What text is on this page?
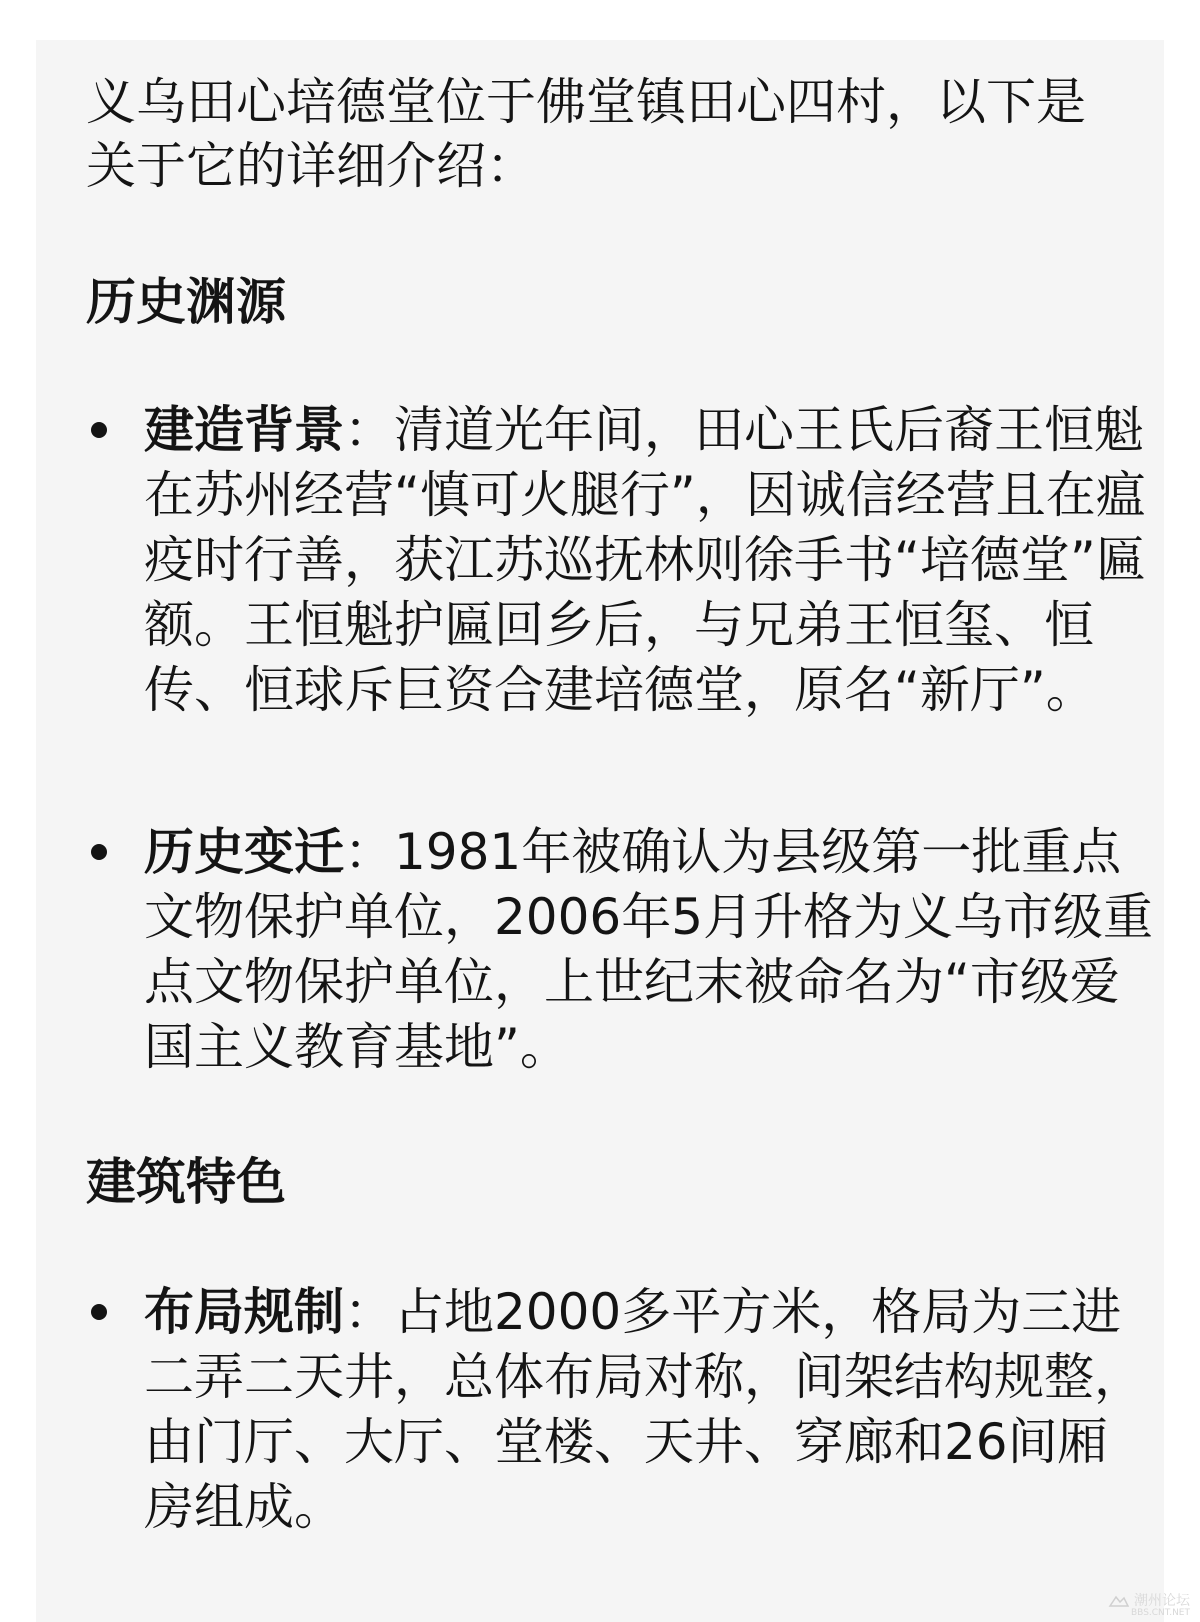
义乌田心培德堂位于佛堂镇田心四村，以下是关于它的详细介绍：

历史渊源

建造背景：清道光年间，田心王氏后裔王恒魁在苏州经营“慎可火腿行”，因诚信经营且在瘟疫时行善，获江苏巡抚林则徐手书“培德堂”匾额。王恒魁护匾回乡后，与兄弟王恒玺、恒传、恒球斥巨资合建培德堂，原名“新厅”。

历史变迁：1981年被确认为县级第一批重点文物保护单位，2006年5月升格为义乌市级重点文物保护单位，上世纪末被命名为“市级爱国主义教育基地”。

建筑特色

布局规制：占地2000多平方米，格局为三进二弄二天井，总体布局对称，间架结构规整，由门厅、大厅、堂楼、天井、穿廊和26间厢房组成。

潮州论坛
BBS.CNT.NET
